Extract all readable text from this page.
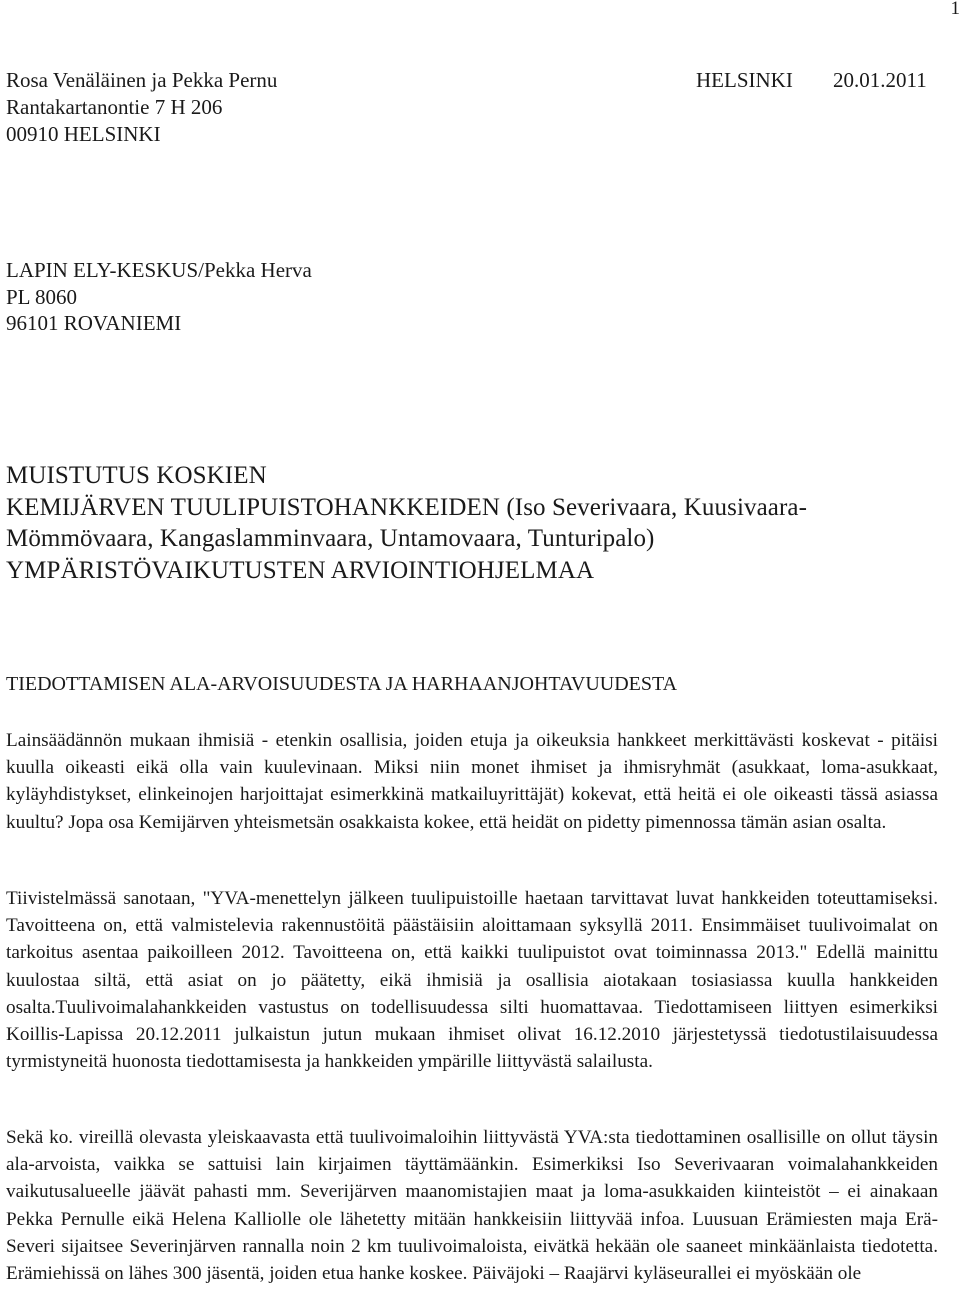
1
Rosa Venäläinen ja Pekka Pernu	HELSINKI 20.01.2011
Rantakartanontie 7 H 206
00910 HELSINKI
LAPIN ELY-KESKUS/Pekka Herva
PL 8060
96101 ROVANIEMI
MUISTUTUS KOSKIEN
KEMIJÄRVEN TUULIPUISTOHANKKEIDEN (Iso Severivaara, Kuusivaara-
Mömmövaara, Kangaslamminvaara, Untamovaara, Tunturipalo)
YMPÄRISTÖVAIKUTUSTEN ARVIOINTIOHJELMAA
TIEDOTTAMISEN ALA-ARVOISUUDESTA JA HARHAANJOHTAVUUDESTA
Lainsäädännön mukaan ihmisiä - etenkin osallisia, joiden etuja ja oikeuksia hankkeet merkittävästi koskevat - pitäisi kuulla oikeasti eikä olla vain kuulevinaan. Miksi niin monet ihmiset ja ihmisryhmät (asukkaat, loma-asukkaat, kyläyhdistykset, elinkeinojen harjoittajat esimerkkinä matkailuyrittäjät) kokevat, että heitä ei ole oikeasti tässä asiassa kuultu? Jopa osa Kemijärven yhteismetsän osakkaista kokee, että heidät on pidetty pimennossa tämän asian osalta.
Tiivistelmässä sanotaan, "YVA-menettelyn jälkeen tuulipuistoille haetaan tarvittavat luvat hankkeiden toteuttamiseksi. Tavoitteena on, että valmistelevia rakennustöitä päästäisiin aloittamaan syksyllä 2011. Ensimmäiset tuulivoimalat on tarkoitus asentaa paikoilleen 2012. Tavoitteena on, että kaikki tuulipuistot ovat toiminnassa 2013." Edellä mainittu kuulostaa siltä, että asiat on jo päätetty, eikä ihmisiä ja osallisia aiotakaan tosiasiassa kuulla hankkeiden osalta.Tuulivoimalahankkeiden vastustus on todellisuudessa silti huomattavaa. Tiedottamiseen liittyen esimerkiksi Koillis-Lapissa 20.12.2011 julkaistun jutun mukaan ihmiset olivat 16.12.2010 järjestetyssä tiedotustilaisuudessa tyrmistyneitä huonosta tiedottamisesta ja hankkeiden ympärille liittyvästä salailusta.
Sekä ko. vireillä olevasta yleiskaavasta että tuulivoimaloihin liittyvästä YVA:sta tiedottaminen osallisille on ollut täysin ala-arvoista, vaikka se sattuisi lain kirjaimen täyttämäänkin. Esimerkiksi Iso Severivaaran voimalahankkeiden vaikutusalueelle jäävät pahasti mm. Severijärven maanomistajien maat ja loma-asukkaiden kiinteistöt – ei ainakaan Pekka Pernulle eikä Helena Kalliolle ole lähetetty mitään hankkeisiin liittyvää infoa. Luusuan Erämiesten maja Erä-Severi sijaitsee Severinjärven rannalla noin 2 km tuulivoimaloista, eivätkä hekään ole saaneet minkäänlaista tiedotetta. Erämiehissä on lähes 300 jäsentä, joiden etua hanke koskee. Päiväjoki – Raajärvi kyläseurallei ei myöskään ole
